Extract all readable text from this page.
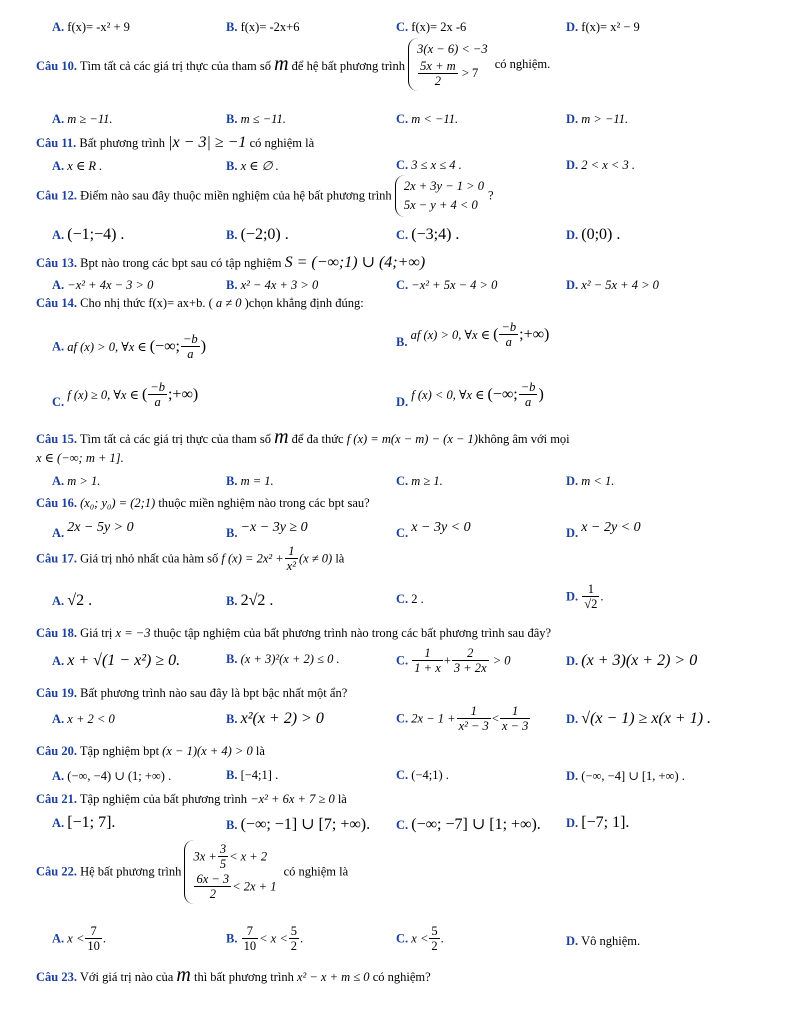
A. f(x)= -x² + 9	B. f(x)= -2x+6	C. f(x)= 2x -6	D. f(x)= x² − 9
Câu 10. Tìm tất cả các giá trị thực của tham số m để hệ bất phương trình
3(x − 6) < −3
$\frac{5x + m}{2} > 7$
có nghiệm.
A. m ≥ −11.	B. m ≤ −11.	C. m < −11.	D. m > −11.
Câu 11. Bất phương trình |x − 3| ≥ −1 có nghiệm là
A. x ∈ R .	B. x ∈ ∅ .	C. 3 ≤ x ≤ 4 .	D. 2 < x < 3 .
Câu 12. Điểm nào sau đây thuộc miền nghiệm của hệ bất phương trình
2x + 3y − 1 > 0
5x − y + 4 < 0
?
A. (−1;−4) .	B. (−2;0) .	C. (−3;4) .	D. (0;0) .
Câu 13. Bpt nào trong các bpt sau có tập nghiệm S = (−∞;1) ∪ (4;+∞)
A. −x² + 4x − 3 > 0	B. x² − 4x + 3 > 0	C. −x² + 5x − 4 > 0	D. x² − 5x + 4 > 0
Câu 14. Cho nhị thức f(x)= ax+b. ( a ≠ 0 )chọn khẳng định đúng:
A. af (x) > 0, ∀x ∈ (−∞; $\frac{-b}{a}$ )	B. af (x) > 0, ∀x ∈ ( $\frac{-b}{a}$ ;+∞)
C. f (x) ≥ 0, ∀x ∈ ( $\frac{-b}{a}$ ;+∞)	D. f (x) < 0, ∀x ∈ (−∞; $\frac{-b}{a}$ )
Câu 15. Tìm tất cả các giá trị thực của tham số m để đa thức f (x) = m(x − m) − (x − 1)không âm với mọi
x ∈ (−∞; m + 1].
A. m > 1.	B. m = 1.	C. m ≥ 1.	D. m < 1.
Câu 16. (x₀; y₀) = (2;1) thuộc miền nghiệm nào trong các bpt sau?
A. 2x − 5y > 0	B. −x − 3y ≥ 0	C. x − 3y < 0	D. x − 2y < 0
Câu 17. Giá trị nhỏ nhất của hàm số f $(x) = 2x^2 + \frac{1}{\text{x²}} (x \ne 0)$ là
A. √2 .	B. 2√2 .	C. 2 .	D. $\frac{1}{√2}$ .
Câu 18. Giá trị x = −3 thuộc tập nghiệm của bất phương trình nào trong các bất phương trình sau đây?
A. x + √(1 − x²) ≥ 0.	B. (x + 3)²(x + 2) ≤ 0 .	C. $\frac{1}{1 + x} + \frac{2}{3 + 2x} > 0$	D. (x + 3)(x + 2) > 0
Câu 19. Bất phương trình nào sau đây là bpt bậc nhất một ẩn?
A. x + 2 < 0	B. x²(x + 2) > 0	C. $2x - 1 + \frac{1}{\text{x² − 3}} < \frac{1}{x - 3}$	D. √(x − 1) ≥ x(x + 1) .
Câu 20. Tập nghiệm bpt (x − 1)(x + 4) > 0 là
A. (−∞, −4) ∪ (1; +∞) .	B. [−4;1] .	C. (−4;1) .	D. (−∞, −4] ∪ [1, +∞) .
Câu 21. Tập nghiệm của bất phương trình −x² + 6x + 7 ≥ 0 là
A. [−1; 7].	B. (−∞; −1] ∪ [7; +∞). C. (−∞; −7] ∪ [1; +∞). D. [−7; 1].
Câu 22. Hệ bất phương trình
$3x + \frac{3}{5} < x + 2$
$\frac{6x - 3}{2} < 2x + 1$
có nghiệm là
A. $x < \frac{7}{10}$ .	B. $\frac{7}{10} < x < \frac{5}{2}$ .	C. $x < \frac{5}{2}$ .	D. Vô nghiệm.
Câu 23. Với giá trị nào của m thì bất phương trình x² − x + m ≤ 0 có nghiệm?
